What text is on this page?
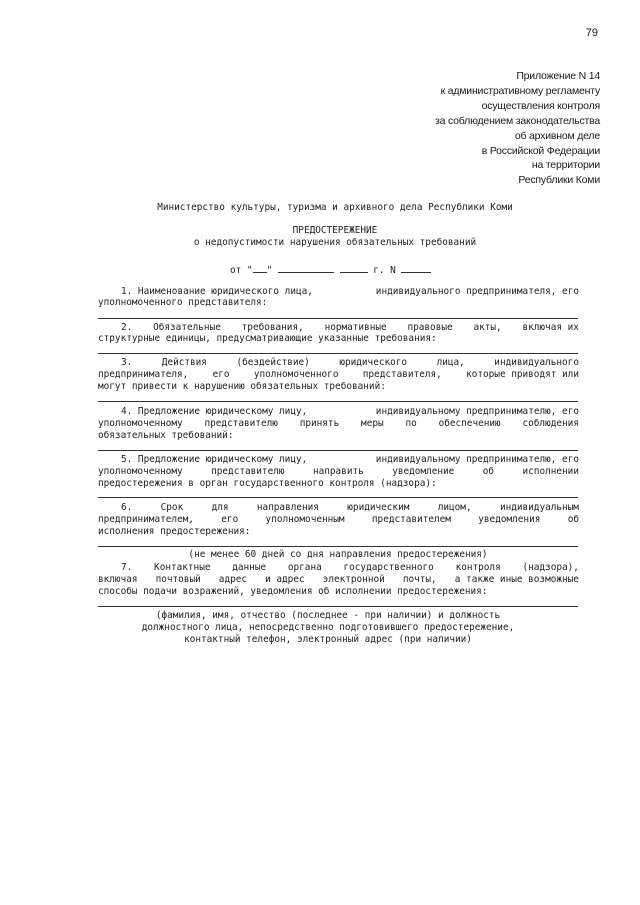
79
Приложение N 14
к административному регламенту
осуществления контроля
за соблюдением законодательства
об архивном деле
в Российской Федерации
на территории
Республики Коми
Министерство культуры, туризма и архивного дела Республики Коми
ПРЕДОСТЕРЕЖЕНИЕ
о недопустимости нарушения обязательных требований
от " "	г. N
1. Наименование юридического лица,	индивидуального предпринимателя, его
уполномоченного представителя:
2. Обязательные требования, нормативные правовые акты, включая их
структурные единицы, предусматривающие указанные требования:
3.	Действия	(бездействие)	юридического	лица,	индивидуального
предпринимателя,	его	уполномоченного	представителя,	которые приводят или
могут привести к нарушению обязательных требований:
4. Предложение юридическому лицу,	индивидуальному предпринимателю, его
уполномоченному представителю принять меры по обеспечению соблюдения
обязательных требований:
5. Предложение юридическому лицу,	индивидуальному предпринимателю, его
уполномоченному	представителю	направить	уведомление	об	исполнении
предостережения в орган государственного контроля (надзора):
6.	Срок	для	направления	юридическим	лицом,	индивидуальным
предпринимателем,	его	уполномоченным	представителем	уведомления	об
исполнения предостережения:
(не менее 60 дней со дня направления предостережения)
7. Контактные данные органа государственного контроля (надзора),
включая почтовый адрес и адрес электронной почты, а также иные возможные
способы подачи возражений, уведомления об исполнении предостережения:
(фамилия, имя, отчество (последнее - при наличии) и должность
должностного лица, непосредственно подготовившего предостережение,
контактный телефон, электронный адрес (при наличии)
